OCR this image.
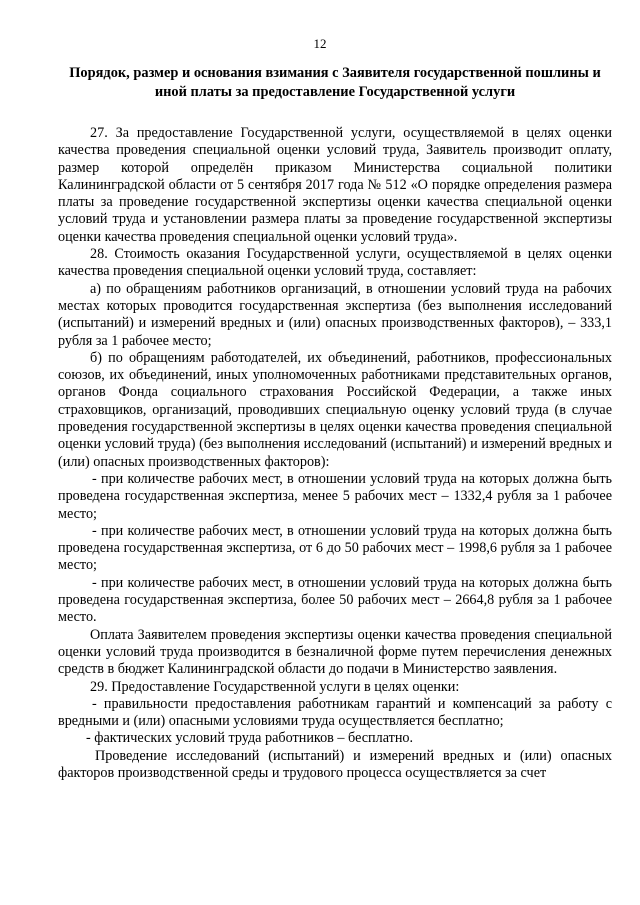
12
Порядок, размер и основания взимания с Заявителя государственной пошлины и иной платы за предоставление Государственной услуги

27. За предоставление Государственной услуги, осуществляемой в целях оценки качества проведения специальной оценки условий труда, Заявитель производит оплату, размер которой определён приказом Министерства социальной политики Калининградской области от 5 сентября 2017 года № 512 «О порядке определения размера платы за проведение государственной экспертизы оценки качества специальной оценки условий труда и установлении размера платы за проведение государственной экспертизы оценки качества проведения специальной оценки условий труда».

28. Стоимость оказания Государственной услуги, осуществляемой в целях оценки качества проведения специальной оценки условий труда, составляет:

а) по обращениям работников организаций, в отношении условий труда на рабочих местах которых проводится государственная экспертиза (без выполнения исследований (испытаний) и измерений вредных и (или) опасных производственных факторов), – 333,1 рубля за 1 рабочее место;

б) по обращениям работодателей, их объединений, работников, профессиональных союзов, их объединений, иных уполномоченных работниками представительных органов, органов Фонда социального страхования Российской Федерации, а также иных страховщиков, организаций, проводивших специальную оценку условий труда (в случае проведения государственной экспертизы в целях оценки качества проведения специальной оценки условий труда) (без выполнения исследований (испытаний) и измерений вредных и (или) опасных производственных факторов):

- при количестве рабочих мест, в отношении условий труда на которых должна быть проведена государственная экспертиза, менее 5 рабочих мест – 1332,4 рубля за 1 рабочее место;

- при количестве рабочих мест, в отношении условий труда на которых должна быть проведена государственная экспертиза, от 6 до 50 рабочих мест – 1998,6 рубля за 1 рабочее место;

- при количестве рабочих мест, в отношении условий труда на которых должна быть проведена государственная экспертиза, более 50 рабочих мест – 2664,8 рубля за 1 рабочее место.

Оплата Заявителем проведения экспертизы оценки качества проведения специальной оценки условий труда производится в безналичной форме путем перечисления денежных средств в бюджет Калининградской области до подачи в Министерство заявления.

29. Предоставление Государственной услуги в целях оценки:

- правильности предоставления работникам гарантий и компенсаций за работу с вредными и (или) опасными условиями труда осуществляется бесплатно;

- фактических условий труда работников – бесплатно.

Проведение исследований (испытаний) и измерений вредных и (или) опасных факторов производственной среды и трудового процесса осуществляется за счет
